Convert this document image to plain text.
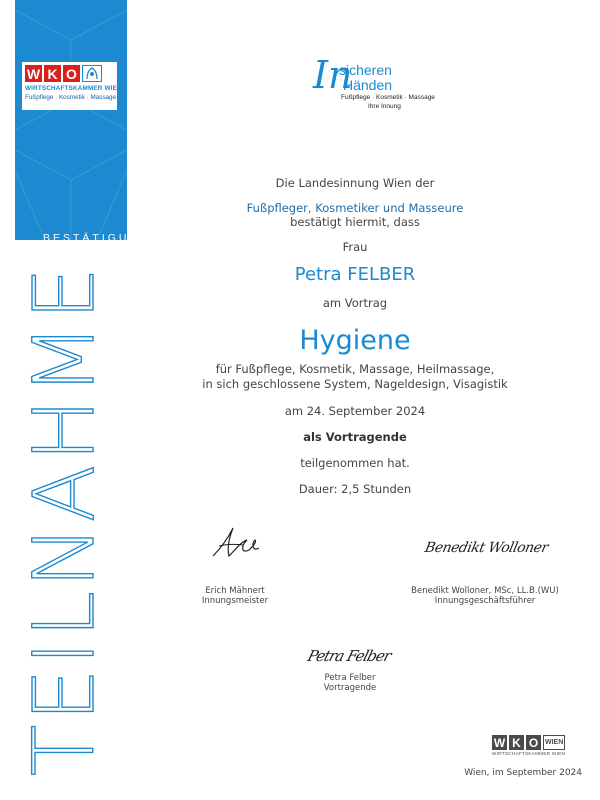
BESTÄTIGUNG
W K O
WIRTSCHAFTSKAMMER WIEN
Fußpflege · Kosmetik · Massage
TEILNAHME
In
sicheren
Händen
Fußpflege · Kosmetik · Massage
Ihre Innung
Die Landesinnung Wien der
Fußpfleger, Kosmetiker und Masseure
bestätigt hiermit, dass
Frau
Petra FELBER
am Vortrag
Hygiene
für Fußpflege, Kosmetik, Massage, Heilmassage,
in sich geschlossene System, Nageldesign, Visagistik
am 24. September 2024
als Vortragende
teilgenommen hat.
Dauer: 2,5 Stunden
Erich Mähnert
Innungsmeister
Benedikt Wolloner
Benedikt Wolloner, MSc, LL.B.(WU)
Innungsgeschäftsführer
Petra Felber
Petra Felber
Vortragende
W K O WIEN
WIRTSCHAFTSKAMMER WIEN
Wien, im September 2024
